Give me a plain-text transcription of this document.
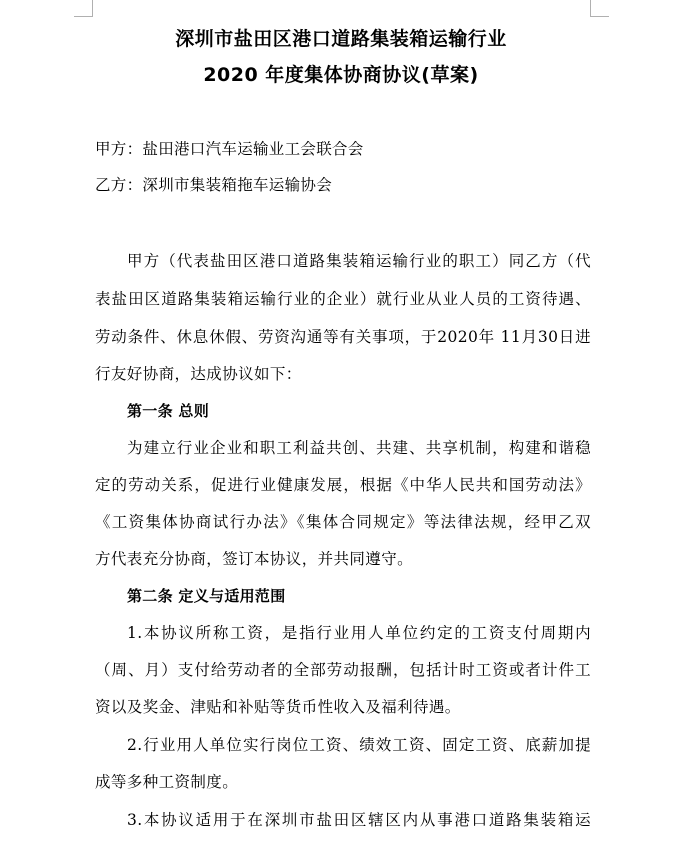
深圳市盐田区港口道路集装箱运输行业
2020 年度集体协商协议(草案)
甲方：盐田港口汽车运输业工会联合会
乙方：深圳市集装箱拖车运输协会
甲方（代表盐田区港口道路集装箱运输行业的职工）同乙方（代
表盐田区道路集装箱运输行业的企业）就行业从业人员的工资待遇、
劳动条件、休息休假、劳资沟通等有关事项，于2020年 11月30日进
行友好协商，达成协议如下：
第一条 总则
为建立行业企业和职工利益共创、共建、共享机制，构建和谐稳
定的劳动关系，促进行业健康发展，根据《中华人民共和国劳动法》
《工资集体协商试行办法》《集体合同规定》等法律法规，经甲乙双
方代表充分协商，签订本协议，并共同遵守。
第二条 定义与适用范围
1.本协议所称工资，是指行业用人单位约定的工资支付周期内
（周、月）支付给劳动者的全部劳动报酬，包括计时工资或者计件工
资以及奖金、津贴和补贴等货币性收入及福利待遇。
2.行业用人单位实行岗位工资、绩效工资、固定工资、底薪加提
成等多种工资制度。
3.本协议适用于在深圳市盐田区辖区内从事港口道路集装箱运
